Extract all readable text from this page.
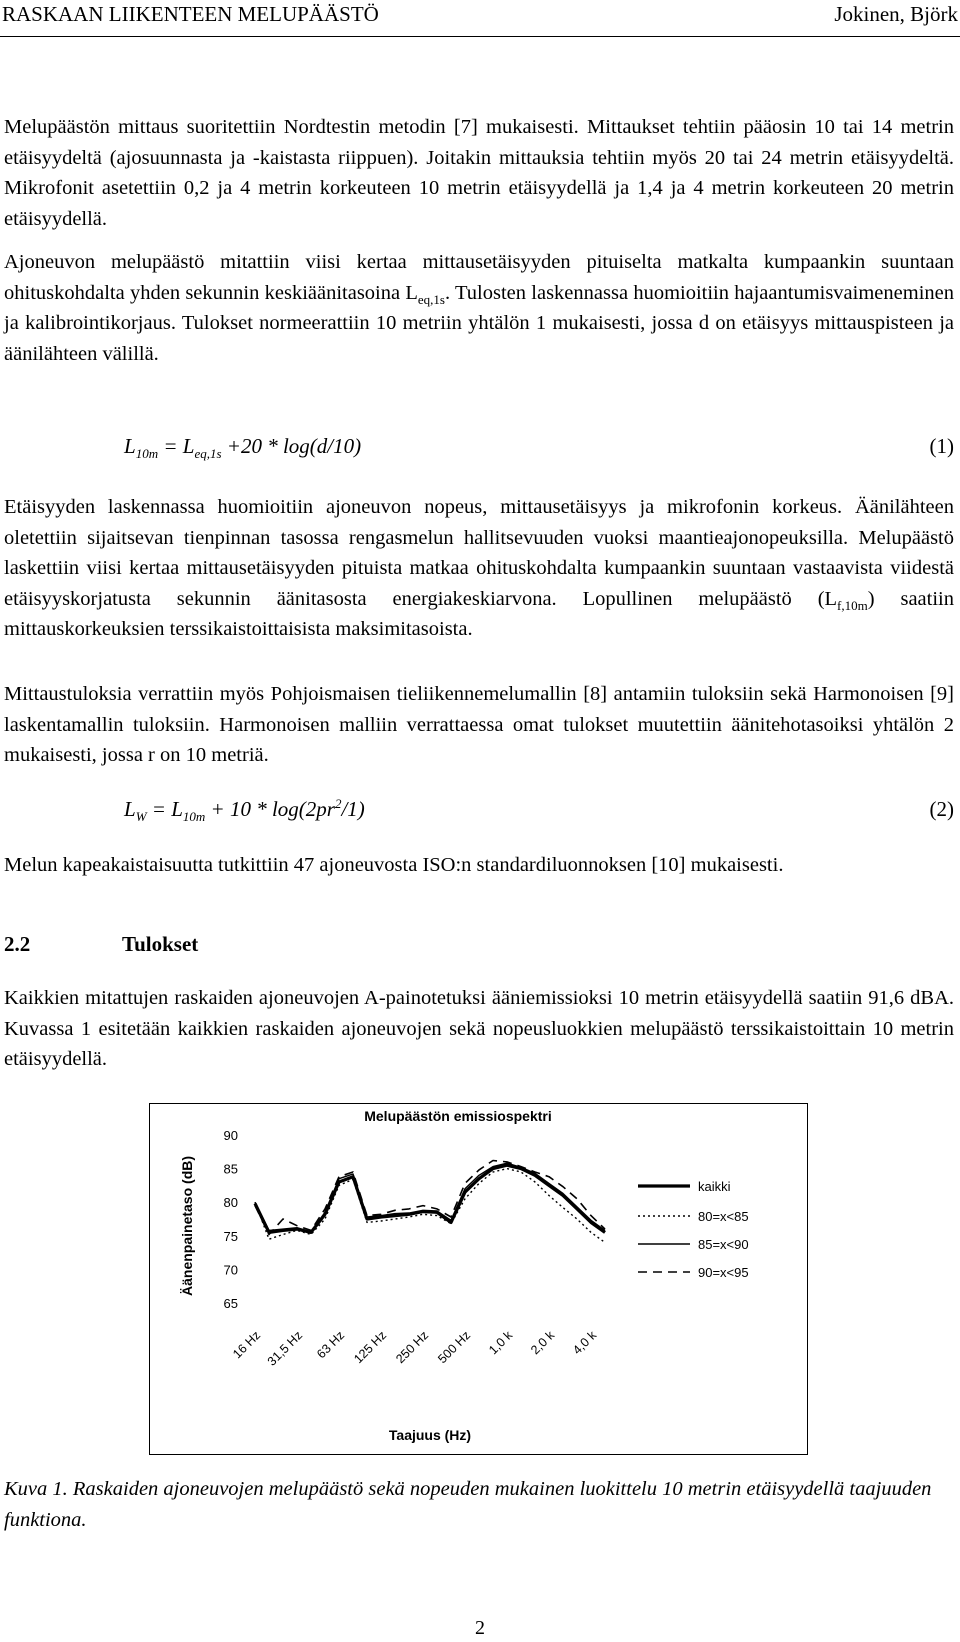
RASKAAN LIIKENTEEN MELUPÄÄSTÖ	Jokinen, Björk

Melupäästön mittaus suoritettiin Nordtestin metodin [7] mukaisesti. Mittaukset tehtiin pääosin 10 tai 14 metrin etäisyydeltä (ajosuunnasta ja -kaistasta riippuen). Joitakin mittauksia tehtiin myös 20 tai 24 metrin etäisyydeltä. Mikrofonit asetettiin 0,2 ja 4 metrin korkeuteen 10 metrin etäisyydellä ja 1,4 ja 4 metrin korkeuteen 20 metrin etäisyydellä.

Ajoneuvon melupäästö mitattiin viisi kertaa mittausetäisyyden pituiselta matkalta kumpaankin suuntaan ohituskohdalta yhden sekunnin keskiäänitasoina $L_{eq,1s}$. Tulosten laskennassa huomioitiin hajaantumisvaimeneminen ja kalibrointikorjaus. Tulokset normeerattiin 10 metriin yhtälön 1 mukaisesti, jossa d on etäisyys mittauspisteen ja äänilähteen välillä.

$L_{10m} = L_{eq,1s} +20 * \log(d/10)$	(1)

Etäisyyden laskennassa huomioitiin ajoneuvon nopeus, mittausetäisyys ja mikrofonin korkeus. Äänilähteen oletettiin sijaitsevan tienpinnan tasossa rengasmelun hallitsevuuden vuoksi maantieajonopeuksilla. Melupäästö laskettiin viisi kertaa mittausetäisyyden pituista matkaa ohituskohdalta kumpaankin suuntaan vastaavista viidestä etäisyyskorjatusta sekunnin äänitasosta energiakeskiarvona. Lopullinen melupäästö $(L_{f,10m})$ saatiin mittauskorkeuksien terssikaistoittaisista maksimitasoista.

Mittaustuloksia verrattiin myös Pohjoismaisen tieliikennemelumallin [8] antamiin tuloksiin sekä Harmonoisen [9] laskentamallin tuloksiin. Harmonoisen malliin verrattaessa omat tulokset muutettiin äänitehotasoiksi yhtälön 2 mukaisesti, jossa r on 10 metriä.

$L_W = L_{10m} + 10 * \log(2pr^2/1)$	(2)

Melun kapeakaistaisuutta tutkittiin 47 ajoneuvosta ISO:n standardiluonnoksen [10] mukaisesti.

2.2	Tulokset

Kaikkien mitattujen raskaiden ajoneuvojen A-painotetuksi ääniemissioksi 10 metrin etäisyydellä saatiin 91,6 dBA. Kuvassa 1 esitetään kaikkien raskaiden ajoneuvojen sekä nopeusluokkien melupäästö terssikaistoittain 10 metrin etäisyydellä.

Melupäästön emissiospektri
65
70
75
80
85
90
Äänenpainetaso (dB)
16 Hz 31,5 Hz 63 Hz 125 Hz 250 Hz 500 Hz 1,0 k 2,0 k 4,0 k
Taajuus (Hz)
kaikki
80=x<85
85=x<90
90=x<95
Kuva 1. Raskaiden ajoneuvojen melupäästö sekä nopeuden mukainen luokittelu 10 metrin etäisyydellä taajuuden funktiona.
2
